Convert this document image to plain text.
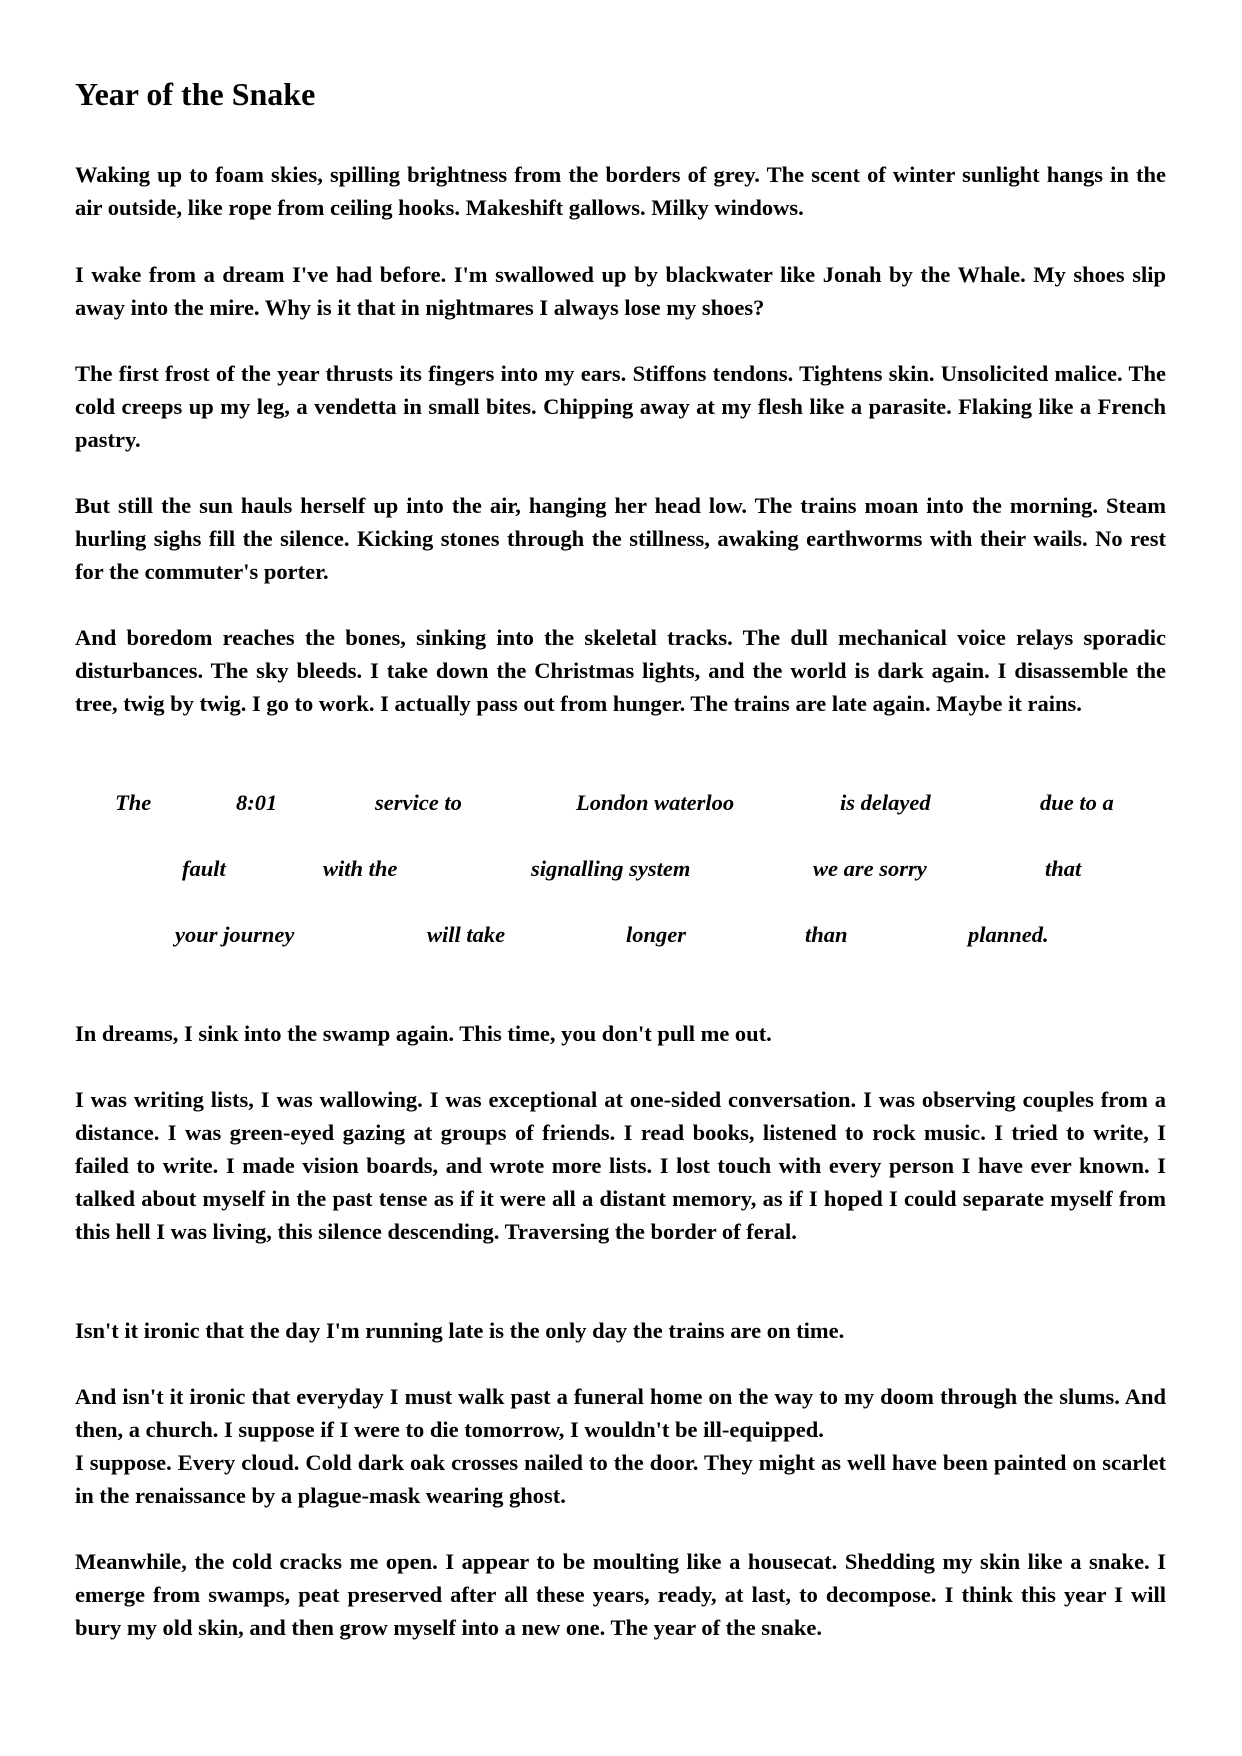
Year of the Snake

Waking up to foam skies, spilling brightness from the borders of grey. The scent of winter sunlight hangs in the air outside, like rope from ceiling hooks. Makeshift gallows. Milky windows.

I wake from a dream I've had before. I'm swallowed up by blackwater like Jonah by the Whale. My shoes slip away into the mire. Why is it that in nightmares I always lose my shoes?

The first frost of the year thrusts its fingers into my ears. Stiffons tendons. Tightens skin. Unsolicited malice. The cold creeps up my leg, a vendetta in small bites. Chipping away at my flesh like a parasite. Flaking like a French pastry.

But still the sun hauls herself up into the air, hanging her head low. The trains moan into the morning. Steam hurling sighs fill the silence. Kicking stones through the stillness, awaking earthworms with their wails. No rest for the commuter's porter.

And boredom reaches the bones, sinking into the skeletal tracks. The dull mechanical voice relays sporadic disturbances. The sky bleeds. I take down the Christmas lights, and the world is dark again. I disassemble the tree, twig by twig. I go to work. I actually pass out from hunger. The trains are late again. Maybe it rains.

The	8:01	service to	London waterloo	is delayed	due to a
fault	with the	signalling system	we are sorry	that
your journey	will take	longer	than	planned.

In dreams, I sink into the swamp again. This time, you don't pull me out.

I was writing lists, I was wallowing. I was exceptional at one-sided conversation. I was observing couples from a distance. I was green-eyed gazing at groups of friends. I read books, listened to rock music. I tried to write, I failed to write. I made vision boards, and wrote more lists. I lost touch with every person I have ever known. I talked about myself in the past tense as if it were all a distant memory, as if I hoped I could separate myself from this hell I was living, this silence descending. Traversing the border of feral.

Isn't it ironic that the day I'm running late is the only day the trains are on time.

And isn't it ironic that everyday I must walk past a funeral home on the way to my doom through the slums. And then, a church. I suppose if I were to die tomorrow, I wouldn't be ill-equipped.

I suppose. Every cloud. Cold dark oak crosses nailed to the door. They might as well have been painted on scarlet in the renaissance by a plague-mask wearing ghost.

Meanwhile, the cold cracks me open. I appear to be moulting like a housecat. Shedding my skin like a snake. I emerge from swamps, peat preserved after all these years, ready, at last, to decompose. I think this year I will bury my old skin, and then grow myself into a new one. The year of the snake.
